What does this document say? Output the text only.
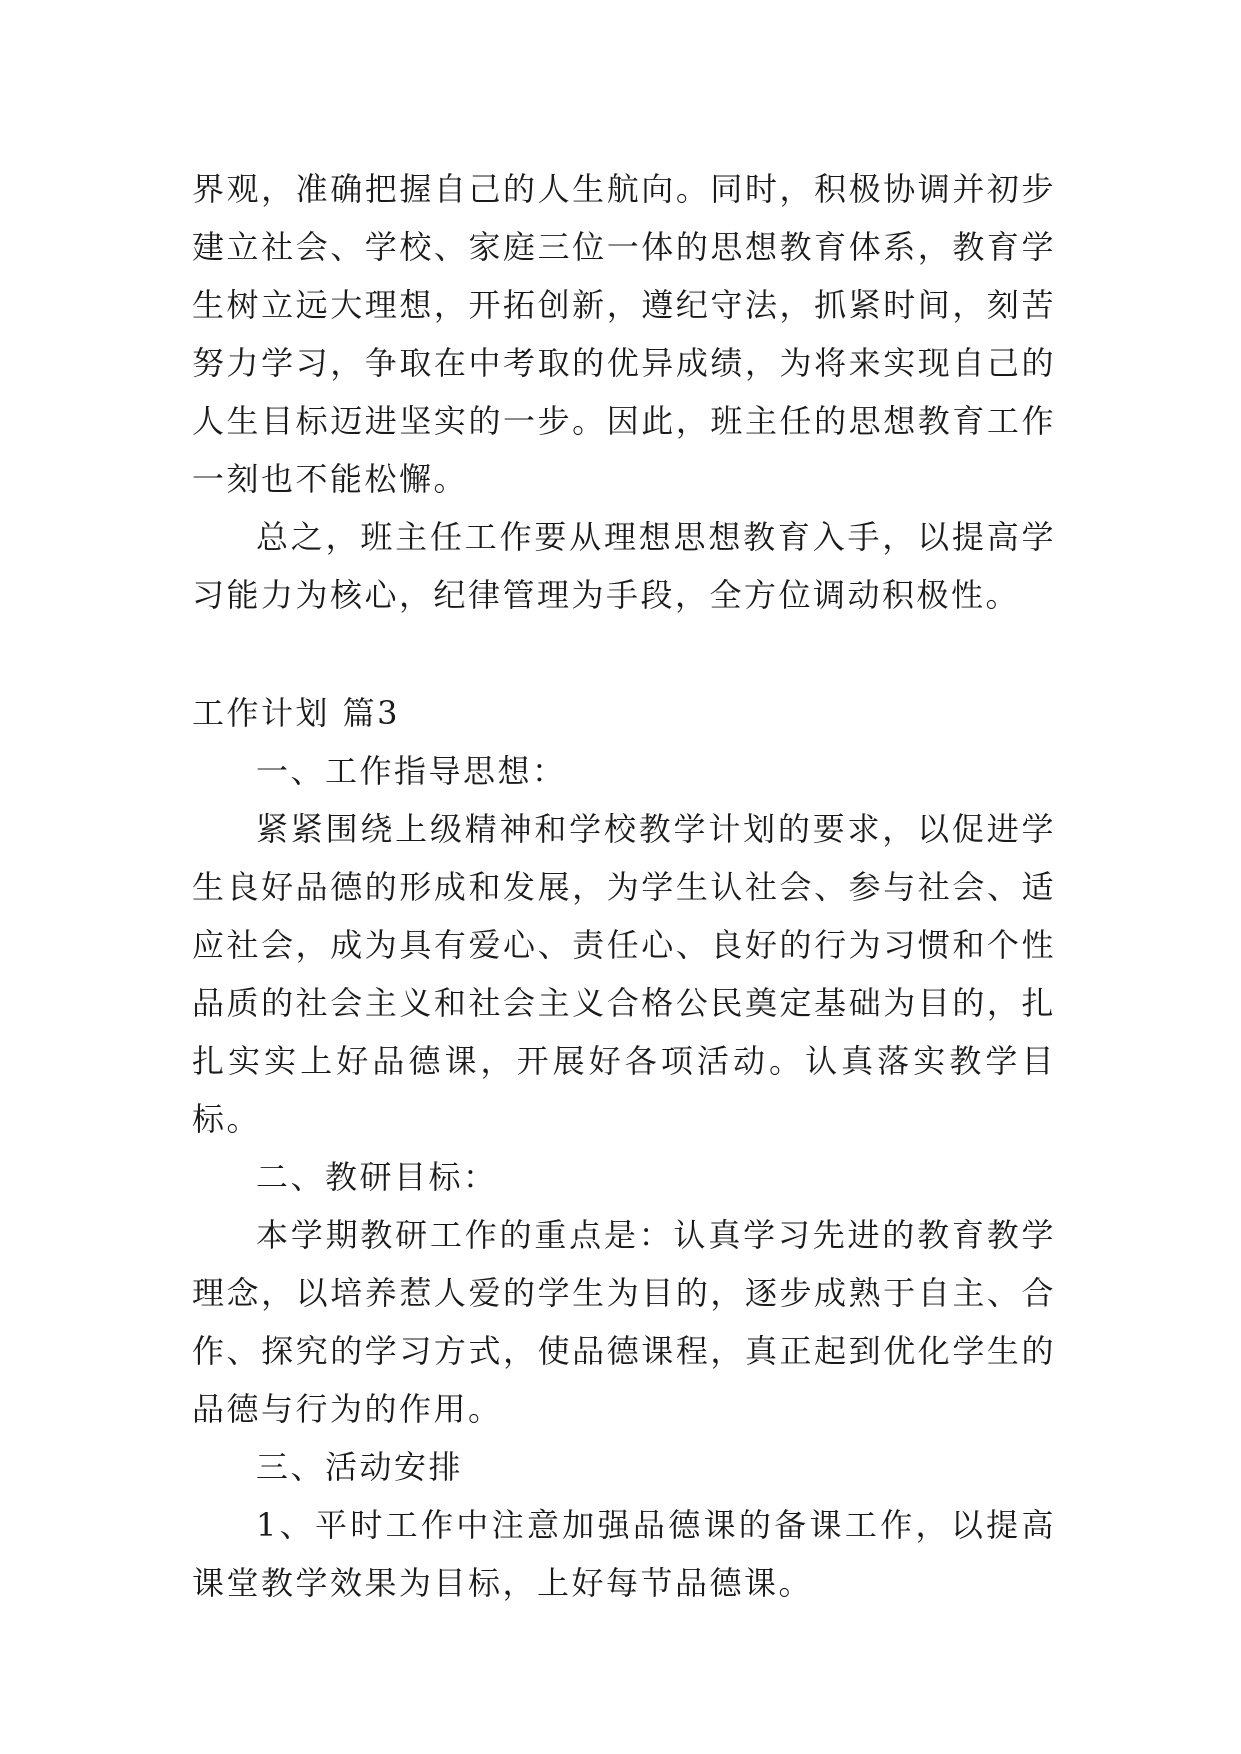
界观，准确把握自己的人生航向。同时，积极协调并初步建立社会、学校、家庭三位一体的思想教育体系，教育学生树立远大理想，开拓创新，遵纪守法，抓紧时间，刻苦努力学习，争取在中考取的优异成绩，为将来实现自己的人生目标迈进坚实的一步。因此，班主任的思想教育工作一刻也不能松懈。

总之，班主任工作要从理想思想教育入手，以提高学习能力为核心，纪律管理为手段，全方位调动积极性。

工作计划 篇3

一、工作指导思想：

紧紧围绕上级精神和学校教学计划的要求，以促进学生良好品德的形成和发展，为学生认社会、参与社会、适应社会，成为具有爱心、责任心、良好的行为习惯和个性品质的社会主义和社会主义合格公民奠定基础为目的，扎扎实实上好品德课，开展好各项活动。认真落实教学目标。

二、教研目标：

本学期教研工作的重点是：认真学习先进的教育教学理念，以培养惹人爱的学生为目的，逐步成熟于自主、合作、探究的学习方式，使品德课程，真正起到优化学生的品德与行为的作用。

三、活动安排

1、平时工作中注意加强品德课的备课工作，以提高课堂教学效果为目标，上好每节品德课。
